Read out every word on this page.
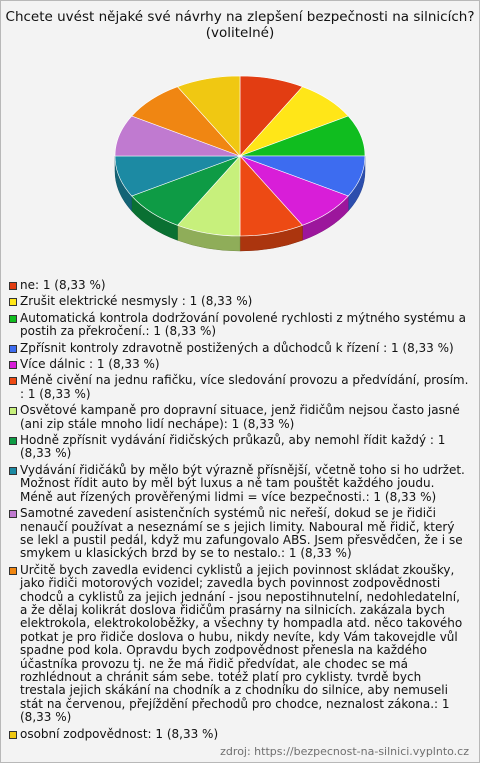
Chcete uvést nějaké své návrhy na zlepšení bezpečnosti na silnicích? (volitelné)
ne: 1 (8,33 %)
Zrušit elektrické nesmysly : 1 (8,33 %)
Automatická kontrola dodržování povolené rychlosti z mýtného systému a postih za překročení.: 1 (8,33 %)
Zpřísnit kontroly zdravotně postižených a důchodců k řízení : 1 (8,33 %)
Více dálnic : 1 (8,33 %)
Méně civění na jednu rafičku, více sledování provozu a předvídání, prosím. : 1 (8,33 %)
Osvětové kampaně pro dopravní situace, jenž řidičům nejsou často jasné (ani zip stále mnoho lidí nechápe): 1 (8,33 %)
Hodně zpřísnit vydávání řidičských průkazů, aby nemohl řídit každý : 1 (8,33 %)
Vydávání řidičáků by mělo být výrazně přísnější, včetně toho si ho udržet. Možnost řídit auto by měl být luxus a ně tam pouštět každého joudu. Méně aut řízených prověřenými lidmi = více bezpečnosti.: 1 (8,33 %)
Samotné zavedení asistenčních systémů nic neřeší, dokud se je řidiči nenaučí používat a neseznámí se s jejich limity. Naboural mě řidič, který se lekl a pustil pedál, když mu zafungovalo ABS. Jsem přesvědčen, že i se smykem u klasických brzd by se to nestalo.: 1 (8,33 %)
Určitě bych zavedla evidenci cyklistů a jejich povinnost skládat zkoušky, jako řidiči motorových vozidel; zavedla bych povinnost zodpovědnosti chodců a cyklistů za jejich jednání - jsou nepostihnutelní, nedohledatelní, a že dělaj kolikrát doslova řidičům prasárny na silnicích. zakázala bych elektrokola, elektrokoloběžky, a všechny ty hompadla atd. něco takového potkat je pro řidiče doslova o hubu, nikdy nevíte, kdy Vám takovejdle vůl spadne pod kola. Opravdu bych zodpovědnost přenesla na každého účastníka provozu tj. ne že má řidič předvídat, ale chodec se má rozhlédnout a chránit sám sebe. totéž platí pro cyklisty. tvrdě bych trestala jejich skákání na chodník a z chodníku do silnice, aby nemuseli stát na červenou, přejíždění přechodů pro chodce, neznalost zákona.: 1 (8,33 %)
osobní zodpovědnost: 1 (8,33 %)
zdroj: https://bezpecnost-na-silnici.vyplnto.cz
